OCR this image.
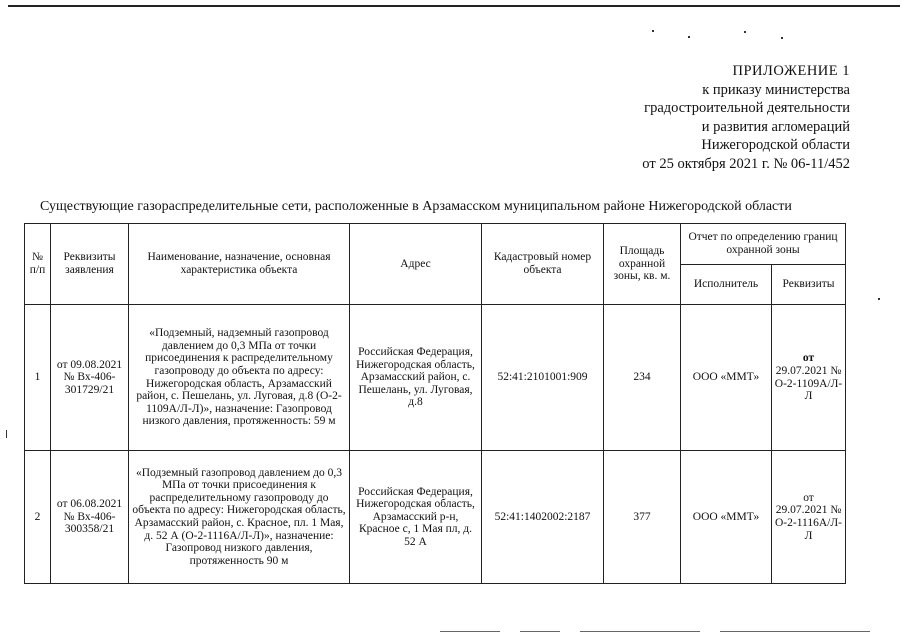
ПРИЛОЖЕНИЕ 1
к приказу министерства
градостроительной деятельности
и развития агломераций
Нижегородской области
от 25 октября 2021 г. № 06-11/452
Существующие газораспределительные сети, расположенные в Арзамасском муниципальном районе Нижегородской области
№ п/п	Реквизиты заявления	Наименование, назначение, основная характеристика объекта	Адрес	Кадастровый номер объекта	Площадь охранной зоны, кв. м.	Отчет по определению границ охранной зоны	
						Исполнитель	Реквизиты
1	от 09.08.2021 № Вх-406-301729/21	«Подземный, надземный газопровод давлением до 0,3 МПа от точки присоединения к распределительному газопроводу до объекта по адресу: Нижегородская область, Арзамасский район, с. Пешелань, ул. Луговая, д.8 (О-2-1109А/Л-Л)», назначение: Газопровод низкого давления, протяженность: 59 м	Российская Федерация, Нижегородская область, Арзамасский район, с. Пешелань, ул. Луговая, д.8	52:41:2101001:909	234	ООО «ММТ»	от
29.07.2021 № О-2-1109А/Л-Л

2	от 06.08.2021 № Вх-406-300358/21	«Подземный газопровод давлением до 0,3 МПа от точки присоединения к распределительному газопроводу до объекта по адресу: Нижегородская область, Арзамасский район, с. Красное, пл. 1 Мая, д. 52 А (О-2-1116А/Л-Л)», назначение: Газопровод низкого давления, протяженность 90 м	Российская Федерация, Нижегородская область, Арзамасский р-н, Красное с, 1 Мая пл, д. 52 А	52:41:1402002:2187	377	ООО «ММТ»	от
29.07.2021 № О-2-1116А/Л-Л
